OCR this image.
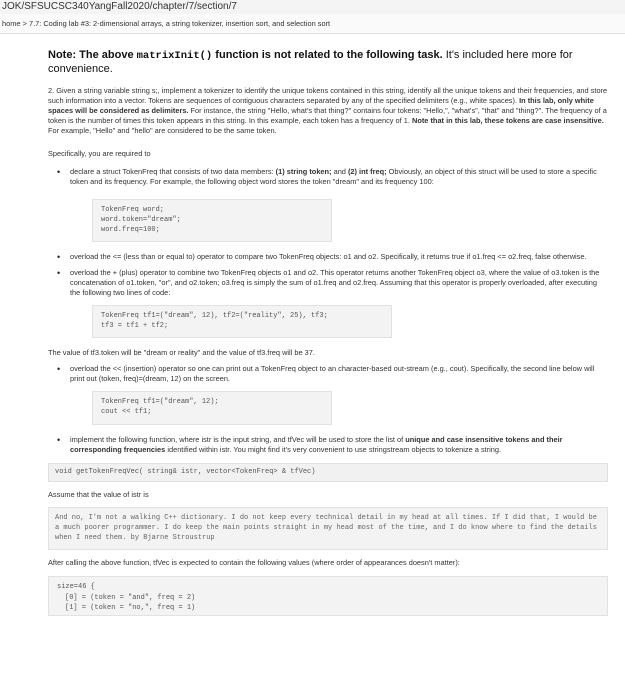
JOK/SFSUCSC340YangFall2020/chapter/7/section/7
home > 7.7: Coding lab #3: 2-dimensional arrays, a string tokenizer, insertion sort, and selection sort
Note: The above matrixInit() function is not related to the following task. It's included here more for convenience.

2. Given a string variable string s;, implement a tokenizer to identify the unique tokens contained in this string, identify all the unique tokens and their frequencies, and store such information into a vector. Tokens are sequences of contiguous characters separated by any of the specified delimiters (e.g., white spaces). In this lab, only white spaces will be considered as delimiters. For instance, the string "Hello, what's that thing?" contains four tokens: "Hello,", "what's", "that" and "thing?". The frequency of a token is the number of times this token appears in this string. In this example, each token has a frequency of 1. Note that in this lab, these tokens are case insensitive. For example, "Hello" and "hello" are considered to be the same token.

Specifically, you are required to

• declare a struct TokenFreq that consists of two data members: (1) string token; and (2) int freq; Obviously, an object of this struct will be used to store a specific token and its frequency. For example, the following object word stores the token "dream" and its frequency 100:
TokenFreq word;
word.token="dream";
word.freq=100;
• overload the <= (less than or equal to) operator to compare two TokenFreq objects: o1 and o2. Specifically, it returns true if o1.freq <= o2.freq, false otherwise.
• overload the + (plus) operator to combine two TokenFreq objects o1 and o2. This operator returns another TokenFreq object o3, where the value of o3.token is the concatenation of o1.token, "or", and o2.token; o3.freq is simply the sum of o1.freq and o2.freq. Assuming that this operator is properly overloaded, after executing the following two lines of code:
TokenFreq tf1=("dream", 12), tf2=("reality", 25), tf3;
tf3 = tf1 + tf2;

The value of tf3.token will be "dream or reality" and the value of tf3.freq will be 37.

• overload the << (insertion) operator so one can print out a TokenFreq object to an character-based out-stream (e.g., cout). Specifically, the second line below will print out (token, freq)=(dream, 12) on the screen.
TokenFreq tf1=("dream", 12);
cout << tf1;
• implement the following function, where istr is the input string, and tfVec will be used to store the list of unique and case insensitive tokens and their corresponding frequencies identified within istr. You might find it's very convenient to use stringstream objects to tokenize a string.
void getTokenFreqVec( string& istr, vector<TokenFreq> & tfVec)

Assume that the value of istr is

And no, I'm not a walking C++ dictionary. I do not keep every technical detail in my head at all times. If I did that, I would be a much poorer programmer. I do keep the main points straight in my head most of the time, and I do know where to find the details when I need them. by Bjarne Stroustrup

After calling the above function, tfVec is expected to contain the following values (where order of appearances doesn't matter):

size=46 {
[0] = (token = "and", freq = 2)
[1] = (token = "no,", freq = 1)
